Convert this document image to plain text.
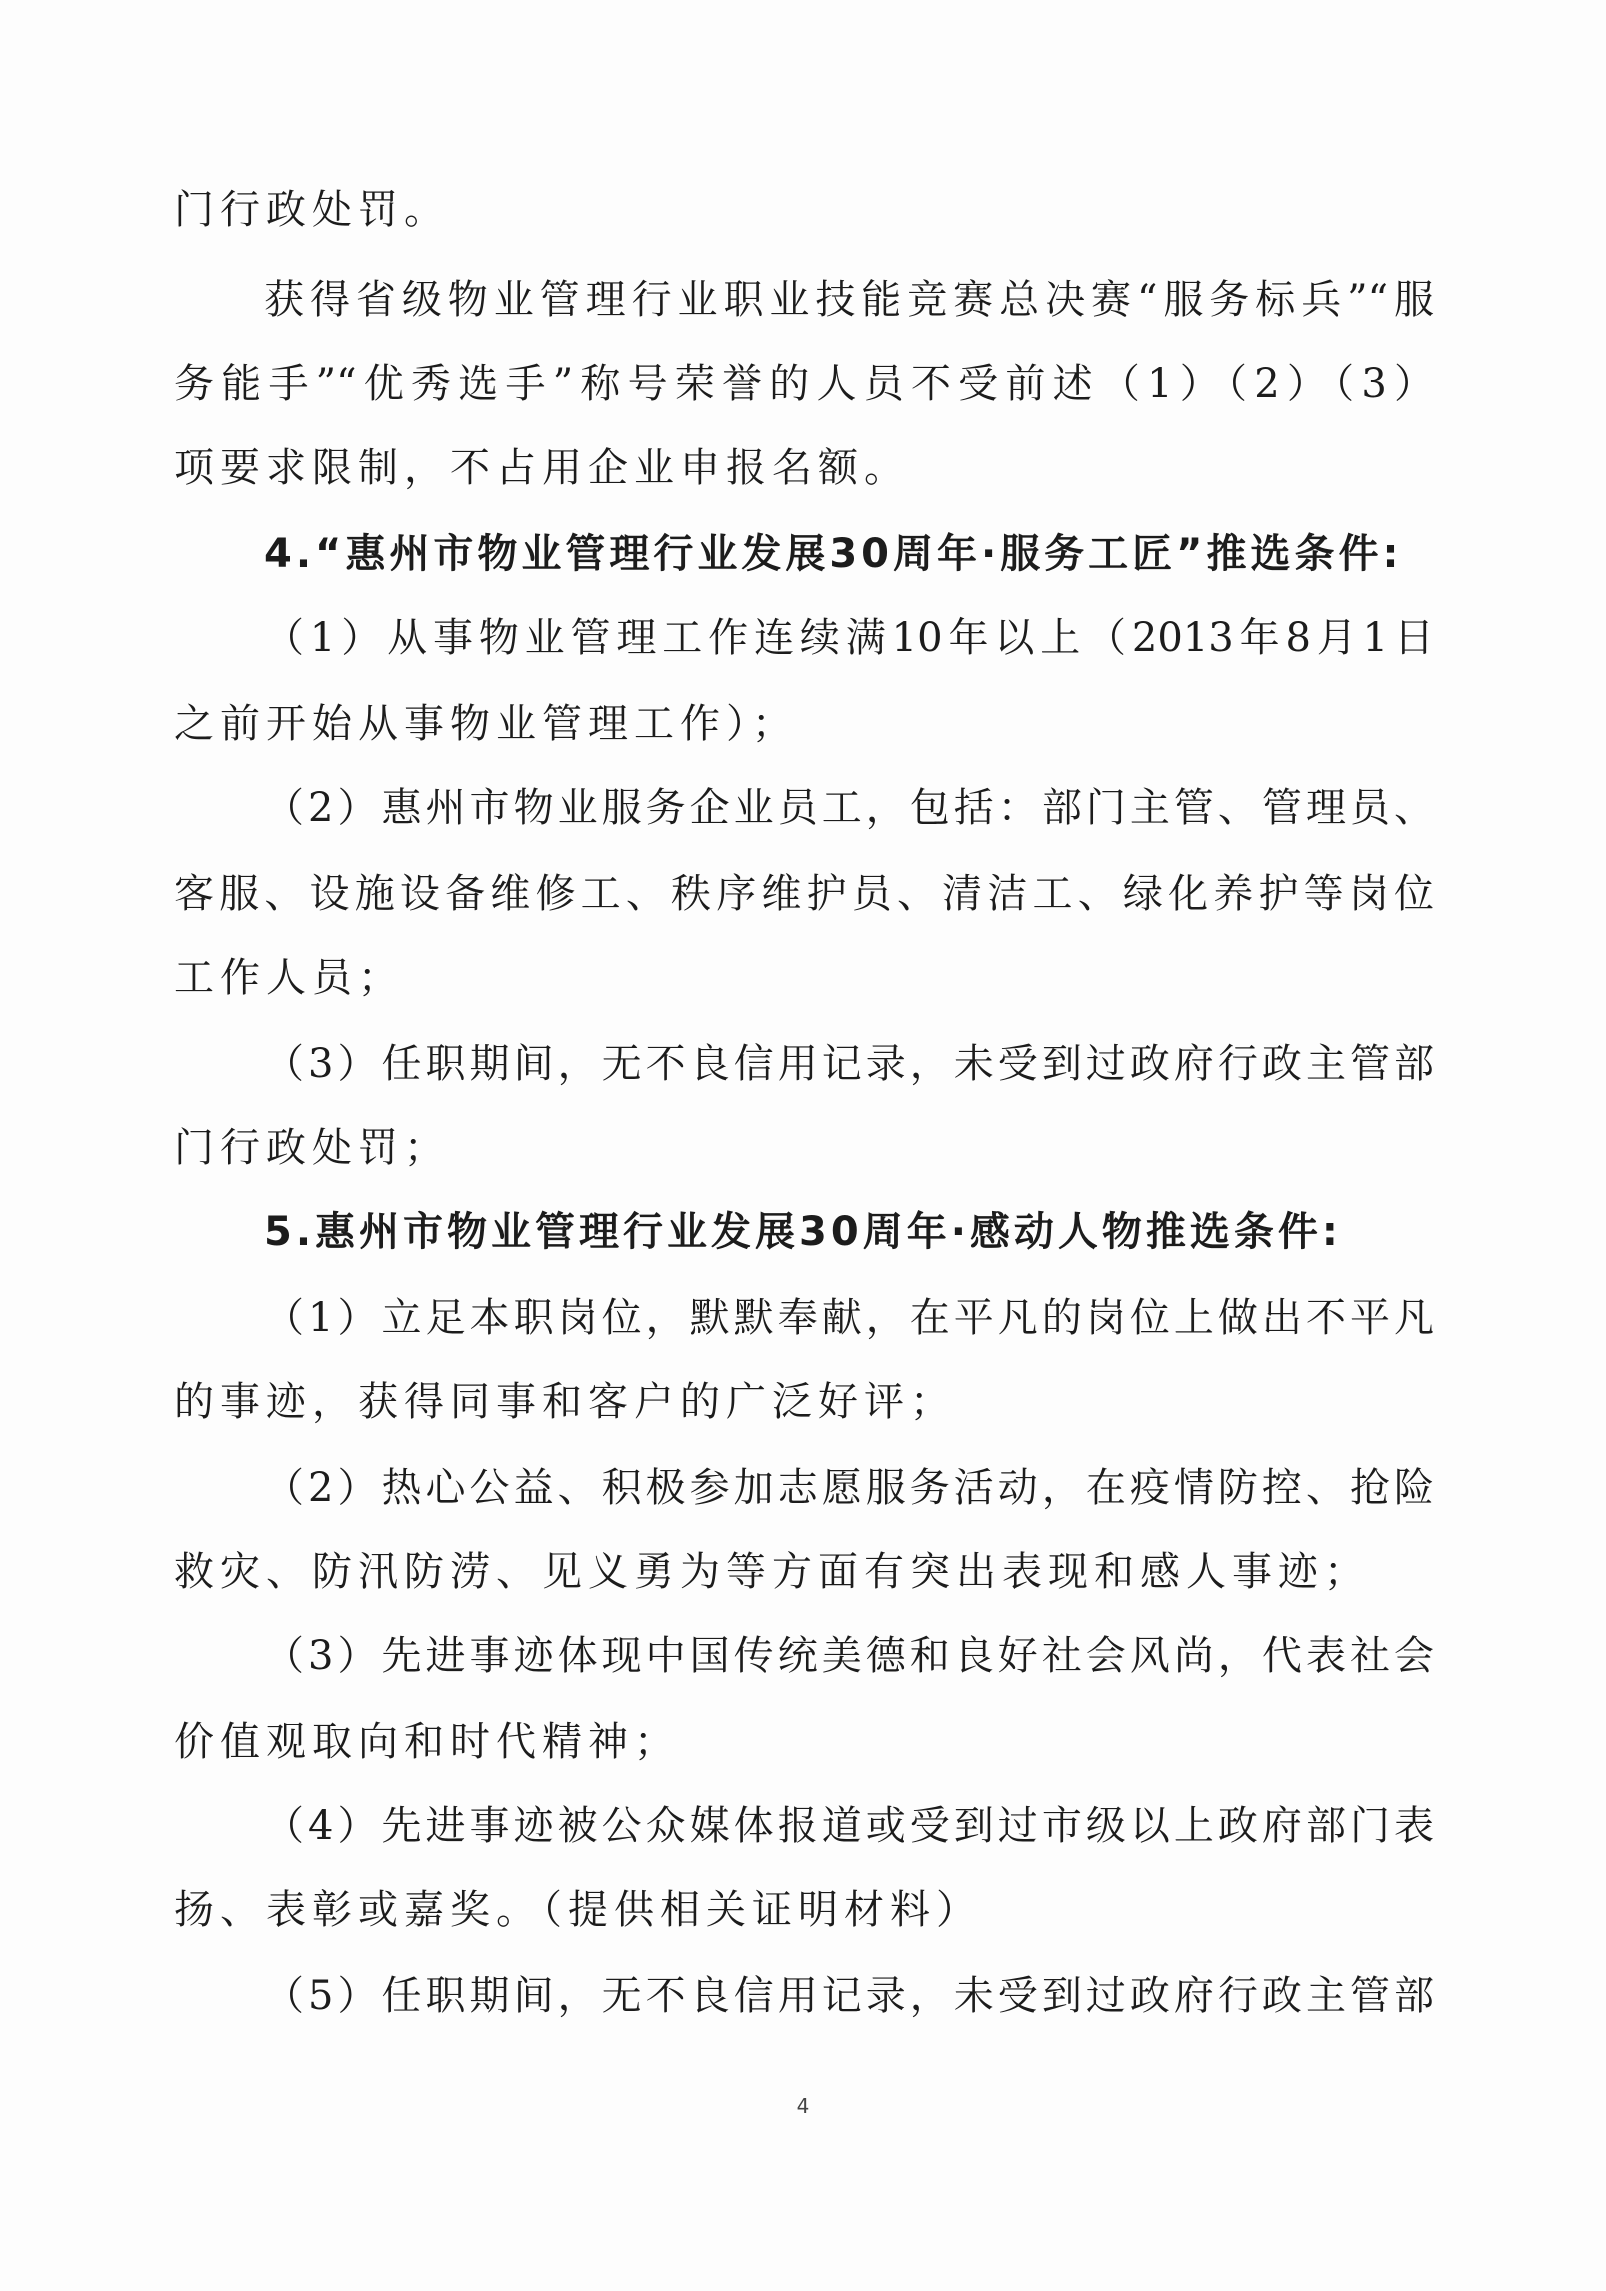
门行政处罚。
获得省级物业管理行业职业技能竞赛总决赛“服务标兵”“服
务能手”“优秀选手”称号荣誉的人员不受前述（1）（2）（3）
项要求限制，不占用企业申报名额。
4.“惠州市物业管理行业发展30周年·服务工匠”推选条件:
（1）从事物业管理工作连续满10年以上（2013年8月1日
之前开始从事物业管理工作）；
（2）惠州市物业服务企业员工，包括：部门主管、管理员、
客服、设施设备维修工、秩序维护员、清洁工、绿化养护等岗位
工作人员；
（3）任职期间，无不良信用记录，未受到过政府行政主管部
门行政处罚；
5.惠州市物业管理行业发展30周年·感动人物推选条件:
（1）立足本职岗位，默默奉献，在平凡的岗位上做出不平凡
的事迹，获得同事和客户的广泛好评；
（2）热心公益、积极参加志愿服务活动，在疫情防控、抢险
救灾、防汛防涝、见义勇为等方面有突出表现和感人事迹；
（3）先进事迹体现中国传统美德和良好社会风尚，代表社会
价值观取向和时代精神；
（4）先进事迹被公众媒体报道或受到过市级以上政府部门表
扬、表彰或嘉奖。（提供相关证明材料）
（5）任职期间，无不良信用记录，未受到过政府行政主管部
4
